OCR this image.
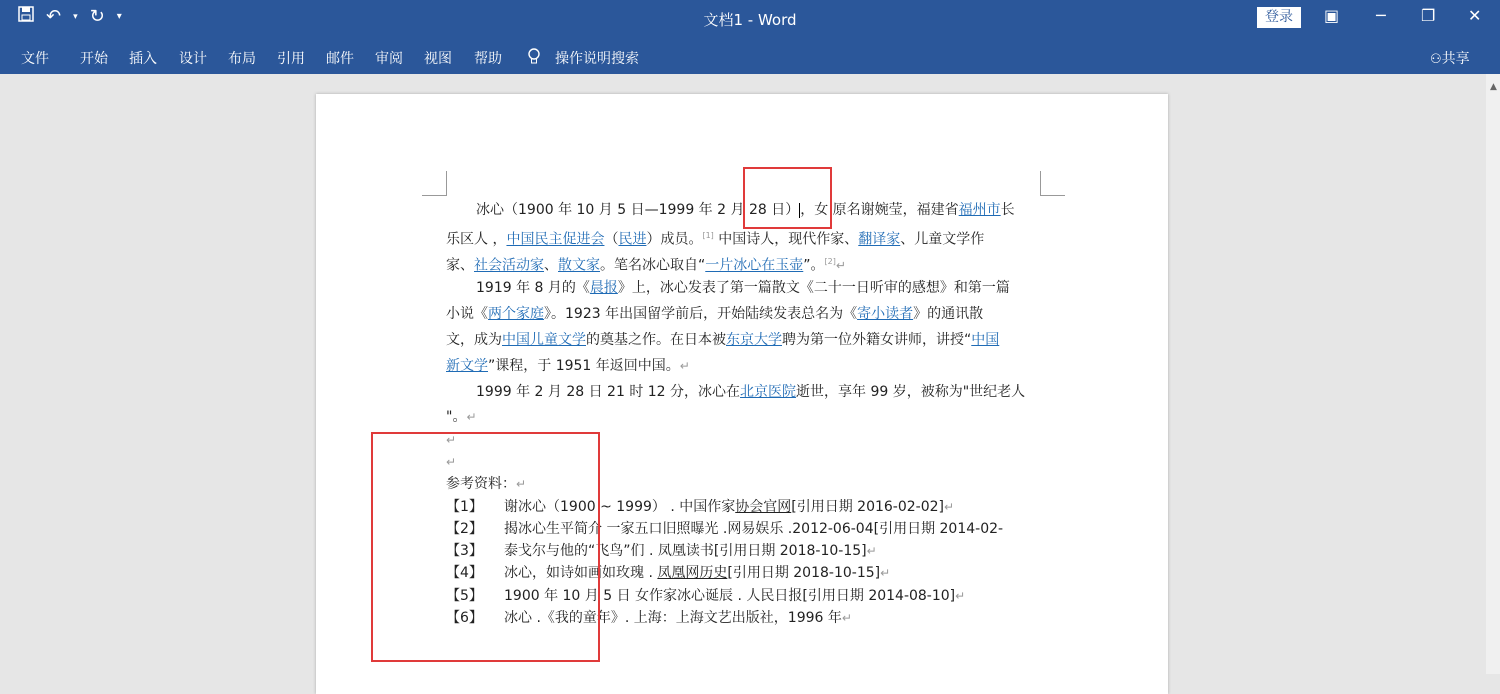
↶ ▾ ↻ ▾	文档1 - Word	登录	▣ ─ ❐ ✕
文件 开始 插入 设计 布局 引用 邮件 审阅 视图 帮助	操作说明搜索	⚇共享
▲
冰心（1900 年 10 月 5 日—1999 年 2 月 28 日），女 原名谢婉莹，福建省福州市长
乐区人 ，中国民主促进会（民进）成员。[1] 中国诗人，现代作家、翻译家、儿童文学作
家、社会活动家、散文家。笔名冰心取自“一片冰心在玉壶”。[2]↵
1919 年 8 月的《晨报》上，冰心发表了第一篇散文《二十一日听审的感想》和第一篇
小说《两个家庭》。1923 年出国留学前后，开始陆续发表总名为《寄小读者》的通讯散
文，成为中国儿童文学的奠基之作。在日本被东京大学聘为第一位外籍女讲师，讲授“中国
新文学”课程，于 1951 年返回中国。↵
1999 年 2 月 28 日 21 时 12 分，冰心在北京医院逝世，享年 99 岁，被称为"世纪老人
"。↵
↵
↵
参考资料：↵
【1】 谢冰心（1900 ~ 1999） . 中国作家协会官网[引用日期 2016-02-02]↵
【2】 揭冰心生平简介 一家五口旧照曝光 .网易娱乐 .2012-06-04[引用日期 2014-02-
【3】 泰戈尔与他的“飞鸟”们 . 凤凰读书[引用日期 2018-10-15]↵
【4】 冰心，如诗如画如玫瑰 . 凤凰网历史[引用日期 2018-10-15]↵
【5】 1900 年 10 月 5 日 女作家冰心诞辰 . 人民日报[引用日期 2014-08-10]↵
【6】 冰心 .《我的童年》. 上海：上海文艺出版社，1996 年↵
